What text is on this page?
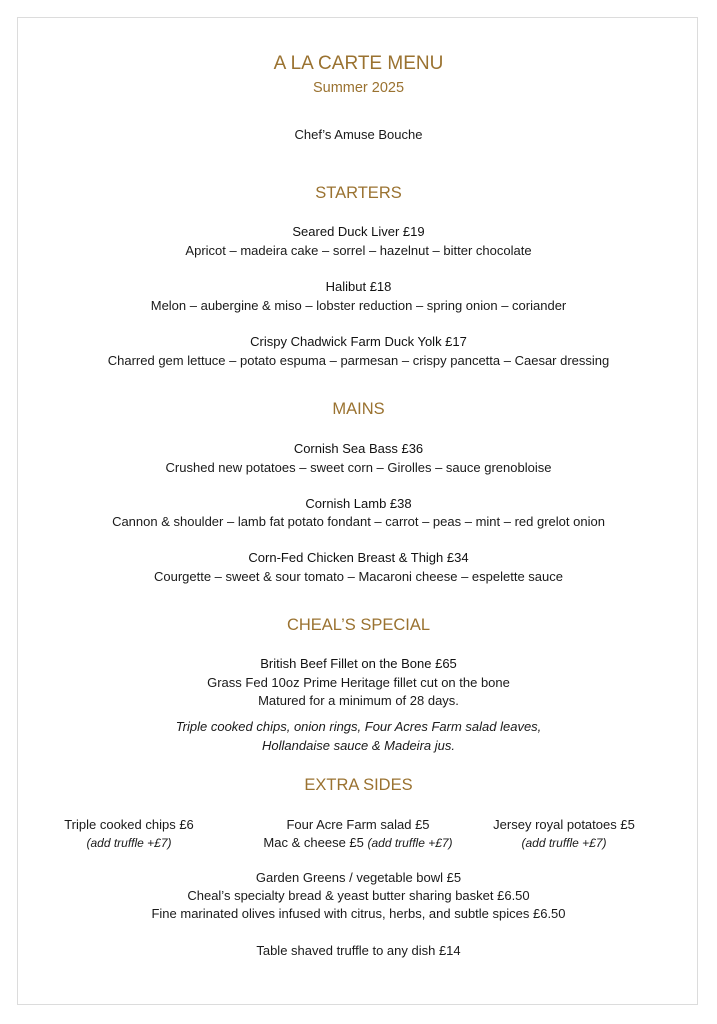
A LA CARTE MENU
Summer 2025
Chef’s Amuse Bouche
STARTERS
Seared Duck Liver £19
Apricot – madeira cake – sorrel – hazelnut – bitter chocolate
Halibut £18
Melon – aubergine & miso – lobster reduction – spring onion – coriander
Crispy Chadwick Farm Duck Yolk £17
Charred gem lettuce – potato espuma – parmesan – crispy pancetta – Caesar dressing
MAINS
Cornish Sea Bass £36
Crushed new potatoes – sweet corn – Girolles – sauce grenobloise
Cornish Lamb £38
Cannon & shoulder – lamb fat potato fondant – carrot – peas – mint – red grelot onion
Corn-Fed Chicken Breast & Thigh £34
Courgette – sweet & sour tomato – Macaroni cheese – espelette sauce
CHEAL’S SPECIAL
British Beef Fillet on the Bone £65
Grass Fed 10oz Prime Heritage fillet cut on the bone
Matured for a minimum of 28 days.
Triple cooked chips, onion rings, Four Acres Farm salad leaves,
Hollandaise sauce & Madeira jus.
EXTRA SIDES
Triple cooked chips £6
(add truffle +£7)
Four Acre Farm salad £5
Mac & cheese £5 (add truffle +£7)
Jersey royal potatoes £5
(add truffle +£7)
Garden Greens / vegetable bowl £5
Cheal’s specialty bread & yeast butter sharing basket £6.50
Fine marinated olives infused with citrus, herbs, and subtle spices £6.50
Table shaved truffle to any dish £14
